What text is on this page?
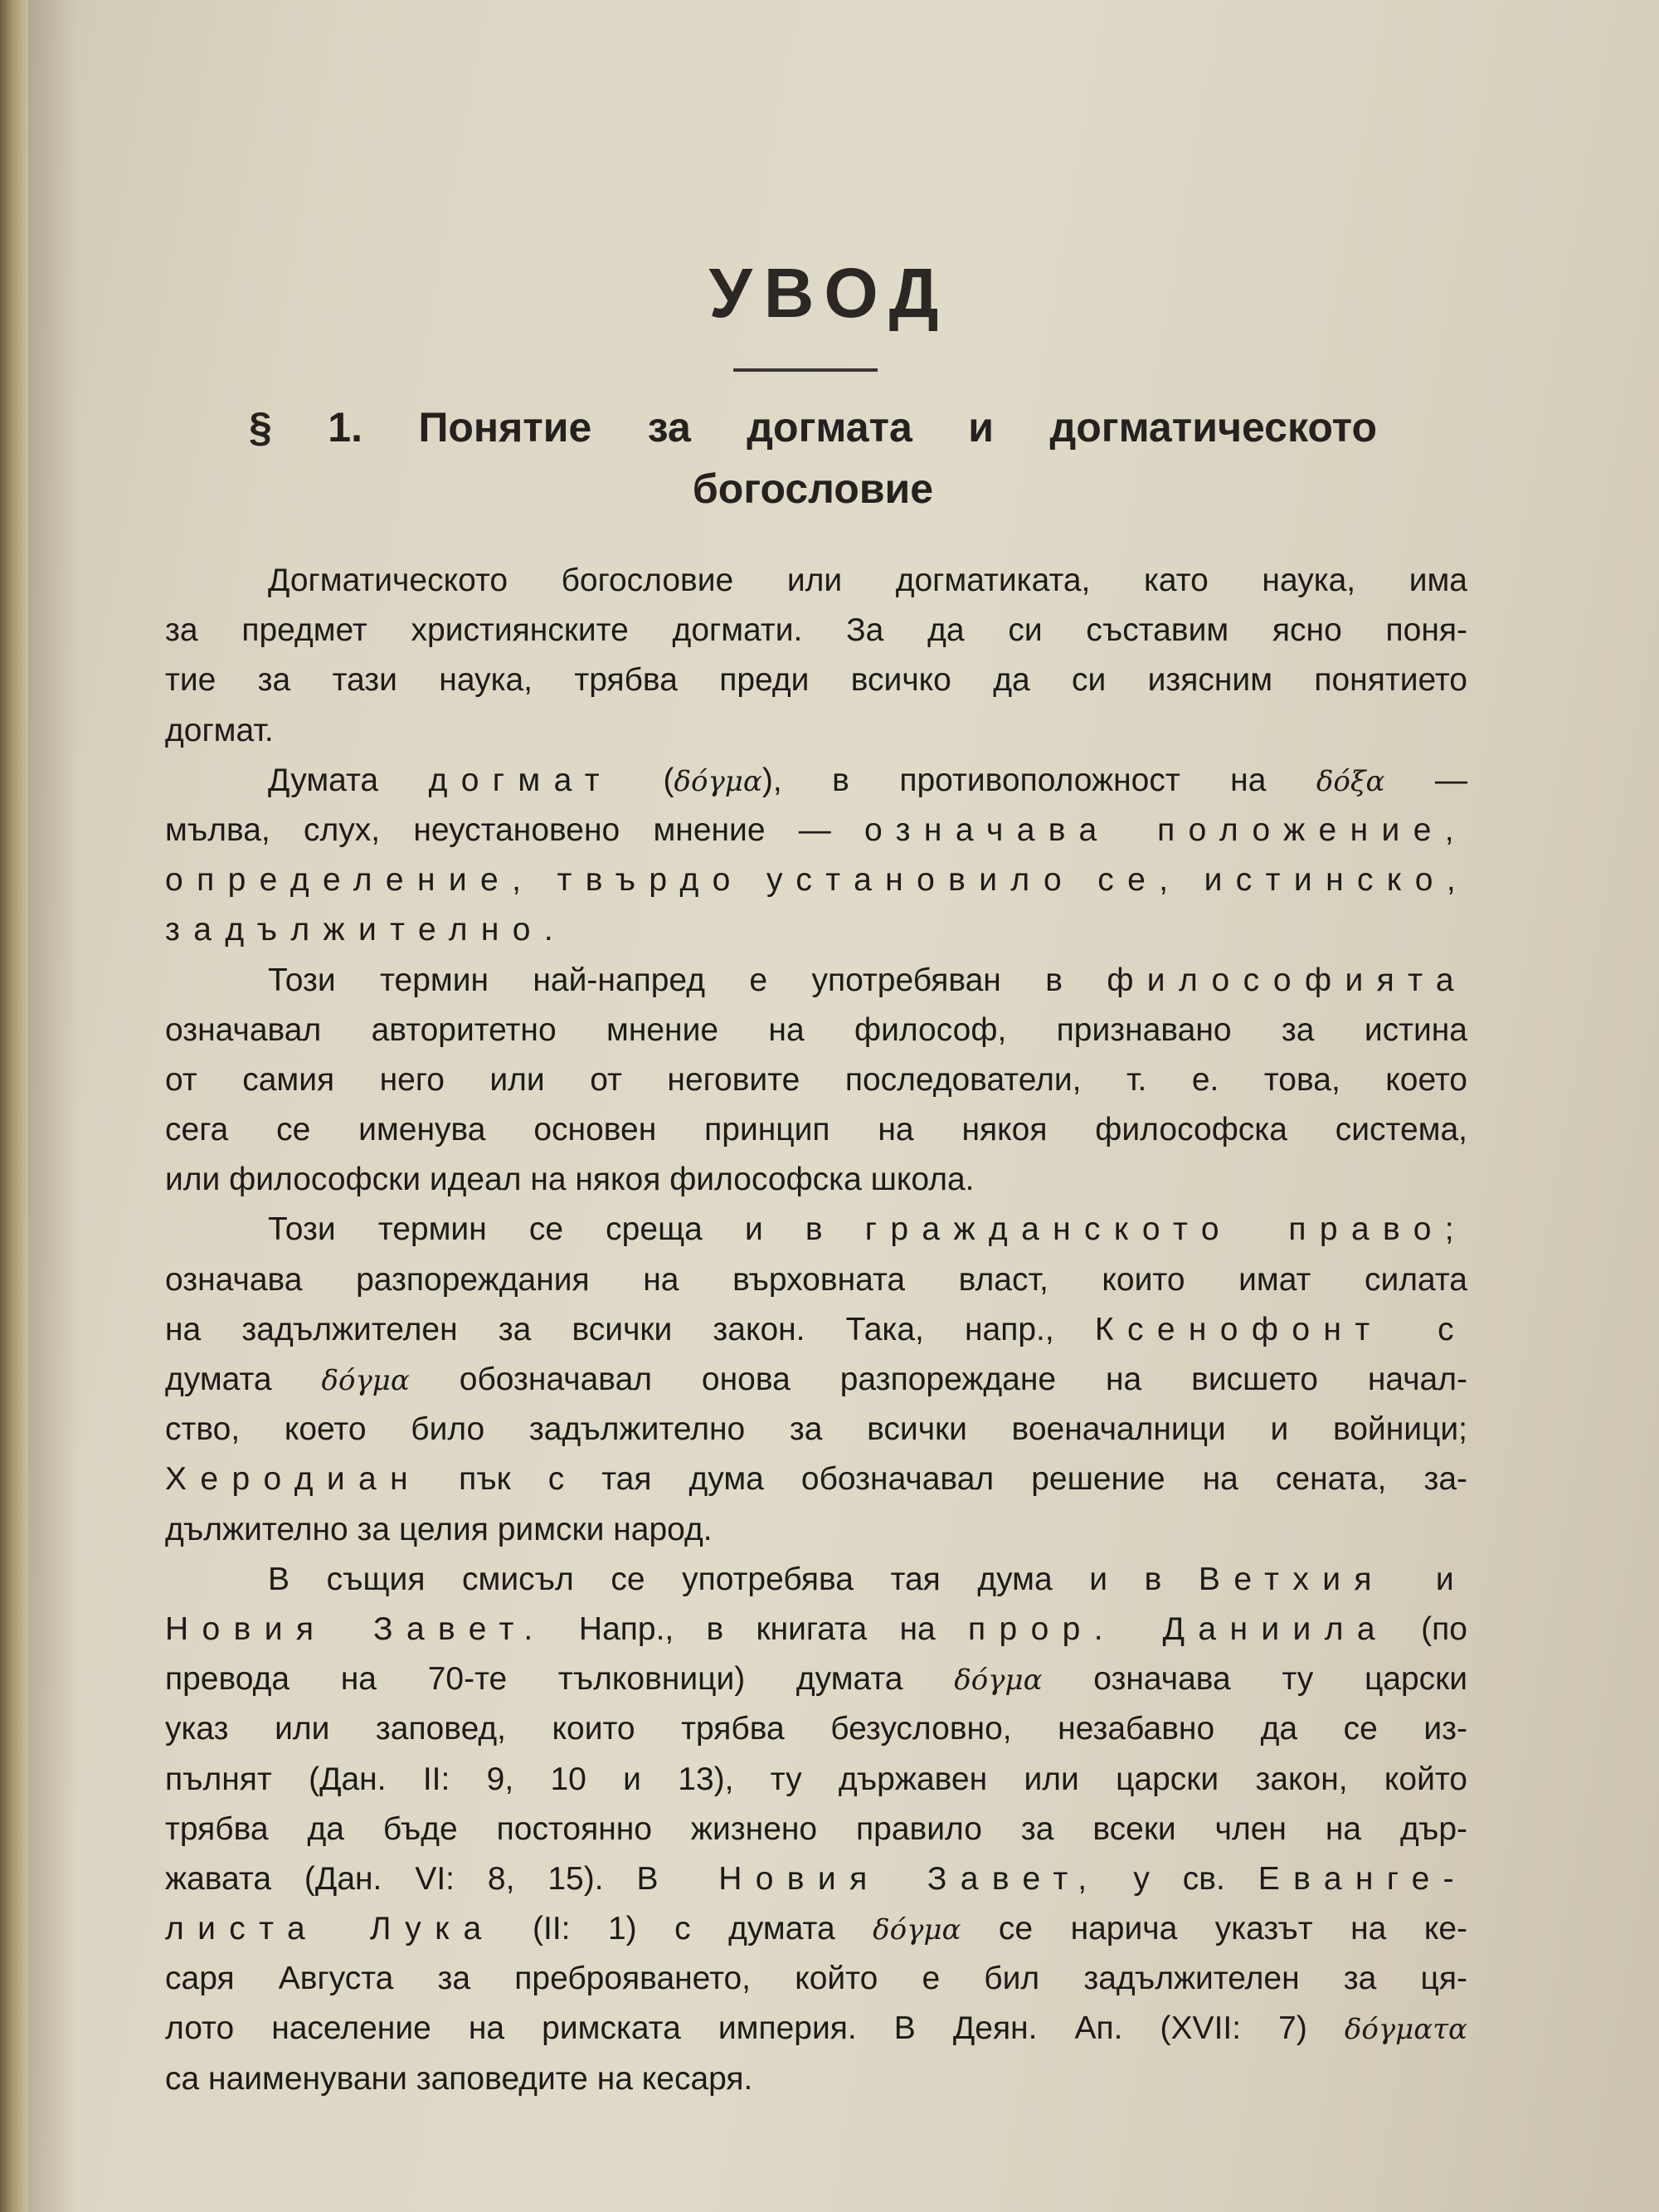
УВОД
§ 1. Понятие за догмата и догматическото
богословие
Догматическото богословие или догматиката, като наука, има
за предмет християнските догмати. За да си съставим ясно поня-
тие за тази наука, трябва преди всичко да си изясним понятието
догмат.
Думата догмат (δόγμα), в противоположност на δόξα —
мълва, слух, неустановено мнение — означава положение,
определение, твърдо установило се, истинско,
задължително.
Този термин най-напред е употребяван в философията
означавал авторитетно мнение на философ, признавано за истина
от самия него или от неговите последователи, т. е. това, което
сега се именува основен принцип на някоя философска система,
или философски идеал на някоя философска школа.
Този термин се среща и в гражданското право;
означава разпореждания на върховната власт, които имат силата
на задължителен за всички закон. Така, напр., Ксенофонт с
думата δόγμα обозначавал онова разпореждане на висшето начал-
ство, което било задължително за всички военачалници и войници;
Херодиан пък с тая дума обозначавал решение на сената, за-
дължително за целия римски народ.
В същия смисъл се употребява тая дума и в Ветхия и
Новия Завет. Напр., в книгата на прор. Даниила (по
превода на 70-те тълковници) думата δόγμα означава ту царски
указ или заповед, които трябва безусловно, незабавно да се из-
пълнят (Дан. II: 9, 10 и 13), ту държавен или царски закон, който
трябва да бъде постоянно жизнено правило за всеки член на дър-
жавата (Дан. VI: 8, 15). В Новия Завет, у св. Еванге-
листа Лука (II: 1) с думата δόγμα се нарича указът на ке-
саря Августа за преброяването, който е бил задължителен за ця-
лото население на римската империя. В Деян. Ап. (XVII: 7) δόγματα
са наименувани заповедите на кесаря.
